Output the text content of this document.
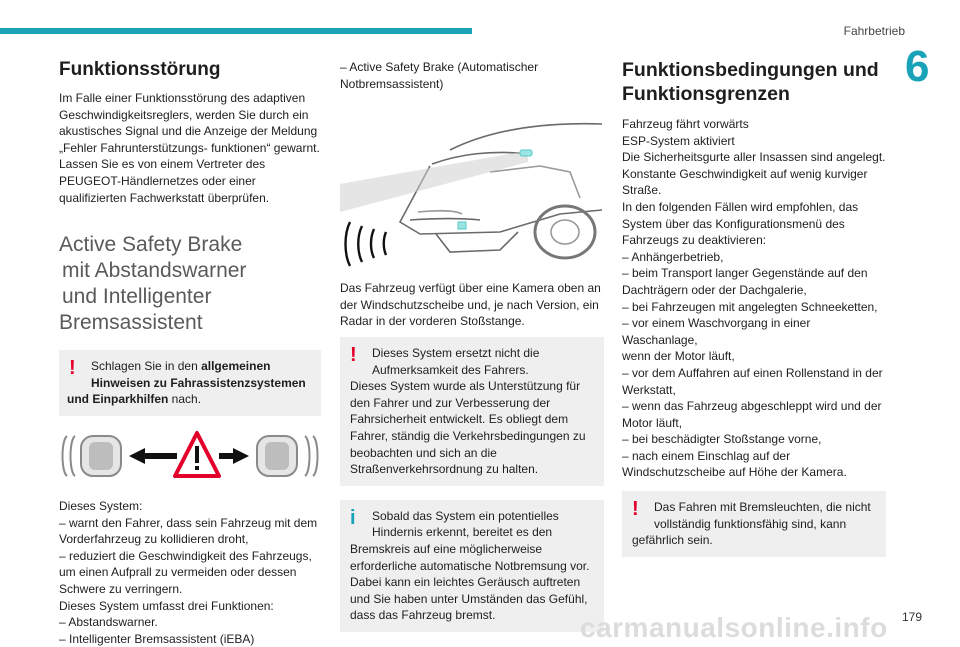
Fahrbetrieb
6
Funktionsstörung

Im Falle einer Funktionsstörung des adaptiven Geschwindigkeitsreglers, werden Sie durch ein akustisches Signal und die Anzeige der Meldung „Fehler Fahrunterstützungs- funktionen“ gewarnt. Lassen Sie es von einem Vertreter des PEUGEOT-Händlernetzes oder einer qualifizierten Fachwerkstatt überprüfen.

Active Safety Brake
mit Abstandswarner
und Intelligenter
Bremsassistent
!	Schlagen Sie in den allgemeinen Hinweisen zu Fahrassistenzsystemen
und Einparkhilfen nach.

Dieses System:

– warnt den Fahrer, dass sein Fahrzeug mit dem

Vorderfahrzeug zu kollidieren droht,

– reduziert die Geschwindigkeit des Fahrzeugs,

um einen Aufprall zu vermeiden oder dessen

Schwere zu verringern.

Dieses System umfasst drei Funktionen:

– Abstandswarner.

– Intelligenter Bremsassistent (iEBA)

– Active Safety Brake (Automatischer

Notbremsassistent)

Das Fahrzeug verfügt über eine Kamera oben an der Windschutzscheibe und, je nach Version, ein Radar in der vorderen Stoßstange.

!	Dieses System ersetzt nicht die Aufmerksamkeit des Fahrers.
Dieses System wurde als Unterstützung für den Fahrer und zur Verbesserung der Fahrsicherheit entwickelt. Es obliegt dem Fahrer, ständig die Verkehrsbedingungen zu beobachten und sich an die Straßenverkehrsordnung zu halten.
i	Sobald das System ein potentielles Hindernis erkennt, bereitet es den
Bremskreis auf eine möglicherweise erforderliche automatische Notbremsung vor. Dabei kann ein leichtes Geräusch auftreten und Sie haben unter Umständen das Gefühl, dass das Fahrzeug bremst.
Funktionsbedingungen und
Funktionsgrenzen

Fahrzeug fährt vorwärts

ESP-System aktiviert

Die Sicherheitsgurte aller Insassen sind angelegt.

Konstante Geschwindigkeit auf wenig kurviger

Straße.

In den folgenden Fällen wird empfohlen, das

System über das Konfigurationsmenü des

Fahrzeugs zu deaktivieren:

– Anhängerbetrieb,

– beim Transport langer Gegenstände auf den

Dachträgern oder der Dachgalerie,

– bei Fahrzeugen mit angelegten Schneeketten,

– vor einem Waschvorgang in einer Waschanlage,

wenn der Motor läuft,

– vor dem Auffahren auf einen Rollenstand in der

Werkstatt,

– wenn das Fahrzeug abgeschleppt wird und der

Motor läuft,

– bei beschädigter Stoßstange vorne,

– nach einem Einschlag auf der

Windschutzscheibe auf Höhe der Kamera.

!	Das Fahren mit Bremsleuchten, die nicht vollständig funktionsfähig sind, kann
gefährlich sein.
carmanualsonline.info 179
